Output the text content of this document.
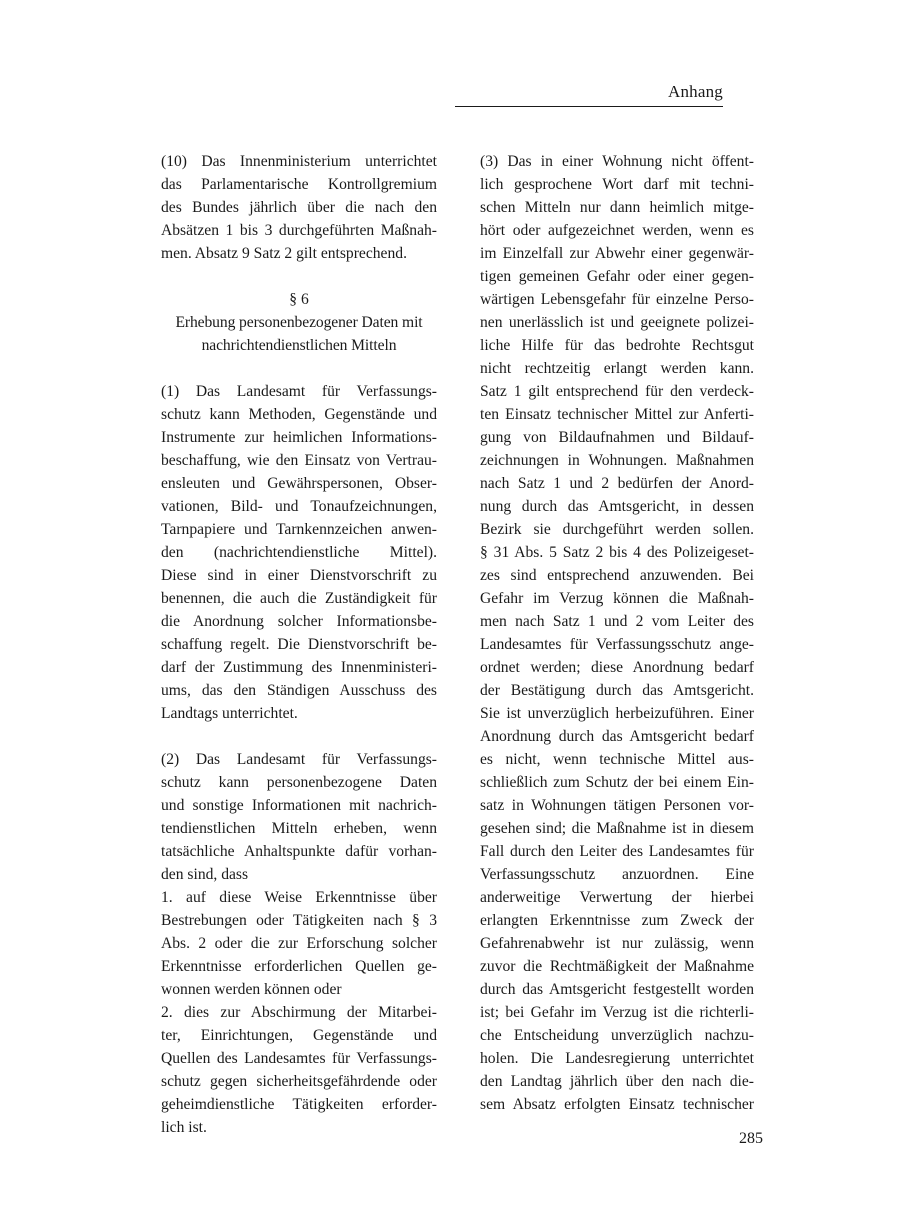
Anhang
(10) Das Innenministerium unterrichtet
das Parlamentarische Kontrollgremium
des Bundes jährlich über die nach den
Absätzen 1 bis 3 durchgeführten Maßnah-
men. Absatz 9 Satz 2 gilt entsprechend.
§ 6
Erhebung personenbezogener Daten mit
nachrichtendienstlichen Mitteln
(1) Das Landesamt für Verfassungs-
schutz kann Methoden, Gegenstände und
Instrumente zur heimlichen Informations-
beschaffung, wie den Einsatz von Vertrau-
ensleuten und Gewährspersonen, Obser-
vationen, Bild- und Tonaufzeichnungen,
Tarnpapiere und Tarnkennzeichen anwen-
den (nachrichtendienstliche Mittel).
Diese sind in einer Dienstvorschrift zu
benennen, die auch die Zuständigkeit für
die Anordnung solcher Informationsbe-
schaffung regelt. Die Dienstvorschrift be-
darf der Zustimmung des Innenministeri-
ums, das den Ständigen Ausschuss des
Landtags unterrichtet.
(2) Das Landesamt für Verfassungs-
schutz kann personenbezogene Daten
und sonstige Informationen mit nachrich-
tendienstlichen Mitteln erheben, wenn
tatsächliche Anhaltspunkte dafür vorhan-
den sind, dass
1. auf diese Weise Erkenntnisse über
Bestrebungen oder Tätigkeiten nach § 3
Abs. 2 oder die zur Erforschung solcher
Erkenntnisse erforderlichen Quellen ge-
wonnen werden können oder
2. dies zur Abschirmung der Mitarbei-
ter, Einrichtungen, Gegenstände und
Quellen des Landesamtes für Verfassungs-
schutz gegen sicherheitsgefährdende oder
geheimdienstliche Tätigkeiten erforder-
lich ist.
(3) Das in einer Wohnung nicht öffent-
lich gesprochene Wort darf mit techni-
schen Mitteln nur dann heimlich mitge-
hört oder aufgezeichnet werden, wenn es
im Einzelfall zur Abwehr einer gegenwär-
tigen gemeinen Gefahr oder einer gegen-
wärtigen Lebensgefahr für einzelne Perso-
nen unerlässlich ist und geeignete polizei-
liche Hilfe für das bedrohte Rechtsgut
nicht rechtzeitig erlangt werden kann.
Satz 1 gilt entsprechend für den verdeck-
ten Einsatz technischer Mittel zur Anferti-
gung von Bildaufnahmen und Bildauf-
zeichnungen in Wohnungen. Maßnahmen
nach Satz 1 und 2 bedürfen der Anord-
nung durch das Amtsgericht, in dessen
Bezirk sie durchgeführt werden sollen.
§ 31 Abs. 5 Satz 2 bis 4 des Polizeigeset-
zes sind entsprechend anzuwenden. Bei
Gefahr im Verzug können die Maßnah-
men nach Satz 1 und 2 vom Leiter des
Landesamtes für Verfassungsschutz ange-
ordnet werden; diese Anordnung bedarf
der Bestätigung durch das Amtsgericht.
Sie ist unverzüglich herbeizuführen. Einer
Anordnung durch das Amtsgericht bedarf
es nicht, wenn technische Mittel aus-
schließlich zum Schutz der bei einem Ein-
satz in Wohnungen tätigen Personen vor-
gesehen sind; die Maßnahme ist in diesem
Fall durch den Leiter des Landesamtes für
Verfassungsschutz anzuordnen. Eine
anderweitige Verwertung der hierbei
erlangten Erkenntnisse zum Zweck der
Gefahrenabwehr ist nur zulässig, wenn
zuvor die Rechtmäßigkeit der Maßnahme
durch das Amtsgericht festgestellt worden
ist; bei Gefahr im Verzug ist die richterli-
che Entscheidung unverzüglich nachzu-
holen. Die Landesregierung unterrichtet
den Landtag jährlich über den nach die-
sem Absatz erfolgten Einsatz technischer
285
